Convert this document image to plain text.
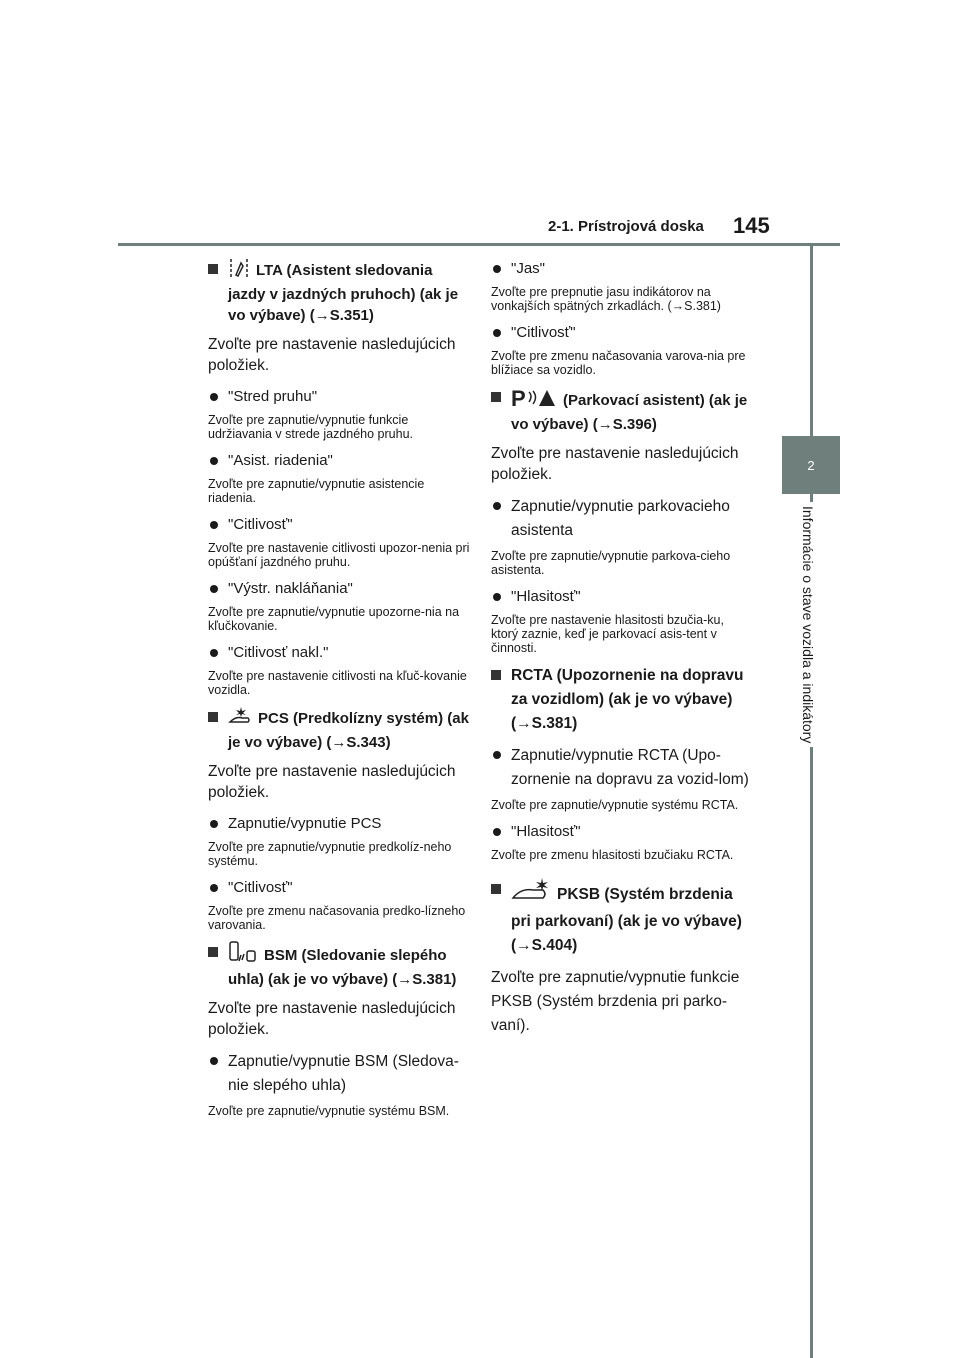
2-1. Prístrojová doska 145
2
Informácie o stave vozidla a indikátory
LTA (Asistent sledovania jazdy v jazdných pruhoch) (ak je vo výbave) (→S.351)
Zvoľte pre nastavenie nasledujúcich položiek.
"Stred pruhu"
Zvoľte pre zapnutie/vypnutie funkcie udržiavania v strede jazdného pruhu.
"Asist. riadenia"
Zvoľte pre zapnutie/vypnutie asistencie riadenia.
"Citlivosť"
Zvoľte pre nastavenie citlivosti upozor-nenia pri opúšťaní jazdného pruhu.
"Výstr. nakláňania"
Zvoľte pre zapnutie/vypnutie upozorne-nia na kľučkovanie.
"Citlivosť nakl."
Zvoľte pre nastavenie citlivosti na kľuč-kovanie vozidla.
PCS (Predkolízny systém) (ak je vo výbave) (→S.343)
Zvoľte pre nastavenie nasledujúcich položiek.
Zapnutie/vypnutie PCS
Zvoľte pre zapnutie/vypnutie predkolíz-neho systému.
"Citlivosť"
Zvoľte pre zmenu načasovania predko-lízneho varovania.
BSM (Sledovanie slepého uhla) (ak je vo výbave) (→S.381)
Zvoľte pre nastavenie nasledujúcich položiek.
Zapnutie/vypnutie BSM (Sledova-nie slepého uhla)
Zvoľte pre zapnutie/vypnutie systému BSM.
"Jas"
Zvoľte pre prepnutie jasu indikátorov na vonkajších spätných zrkadlách. (→S.381)
"Citlivosť"
Zvoľte pre zmenu načasovania varova-nia pre blížiace sa vozidlo.
P (Parkovací asistent) (ak je vo výbave) (→S.396)
Zvoľte pre nastavenie nasledujúcich položiek.
Zapnutie/vypnutie parkovacieho asistenta
Zvoľte pre zapnutie/vypnutie parkova-cieho asistenta.
"Hlasitosť"
Zvoľte pre nastavenie hlasitosti bzučia-ku, ktorý zaznie, keď je parkovací asis-tent v činnosti.
RCTA (Upozornenie na dopravu za vozidlom) (ak je vo výbave) (→S.381)
Zapnutie/vypnutie RCTA (Upo-zornenie na dopravu za vozid-lom)
Zvoľte pre zapnutie/vypnutie systému RCTA.
"Hlasitosť"
Zvoľte pre zmenu hlasitosti bzučiaku RCTA.
PKSB (Systém brzdenia pri parkovaní) (ak je vo výbave) (→S.404)
Zvoľte pre zapnutie/vypnutie funkcie PKSB (Systém brzdenia pri parko-vaní).
